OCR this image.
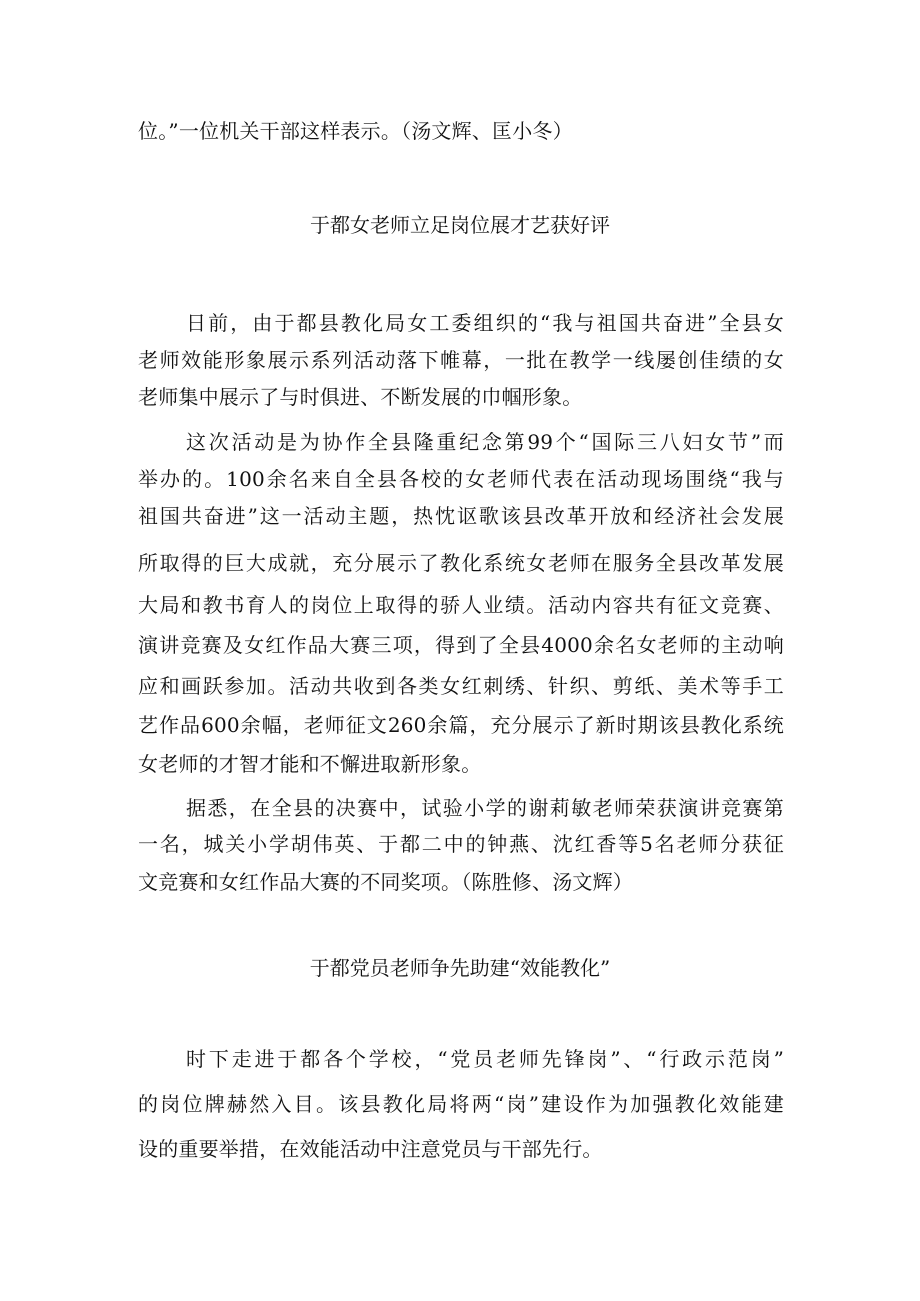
位。”一位机关干部这样表示。（汤文辉、匡小冬）
于都女老师立足岗位展才艺获好评
日前，由于都县教化局女工委组织的“我与祖国共奋进”全县女
老师效能形象展示系列活动落下帷幕，一批在教学一线屡创佳绩的女
老师集中展示了与时俱进、不断发展的巾帼形象。
这次活动是为协作全县隆重纪念第99个“国际三八妇女节”而
举办的。100余名来自全县各校的女老师代表在活动现场围绕“我与
祖国共奋进”这一活动主题，热忱讴歌该县改革开放和经济社会发展
所取得的巨大成就，充分展示了教化系统女老师在服务全县改革发展
大局和教书育人的岗位上取得的骄人业绩。活动内容共有征文竞赛、
演讲竞赛及女红作品大赛三项，得到了全县4000余名女老师的主动响
应和画跃参加。活动共收到各类女红刺绣、针织、剪纸、美术等手工
艺作品600余幅，老师征文260余篇，充分展示了新时期该县教化系统
女老师的才智才能和不懈进取新形象。
据悉，在全县的决赛中，试验小学的谢莉敏老师荣获演讲竞赛第
一名，城关小学胡伟英、于都二中的钟燕、沈红香等5名老师分获征
文竞赛和女红作品大赛的不同奖项。（陈胜修、汤文辉）
于都党员老师争先助建“效能教化”
时下走进于都各个学校，“党员老师先锋岗”、“行政示范岗”
的岗位牌赫然入目。该县教化局将两“岗”建设作为加强教化效能建
设的重要举措，在效能活动中注意党员与干部先行。
